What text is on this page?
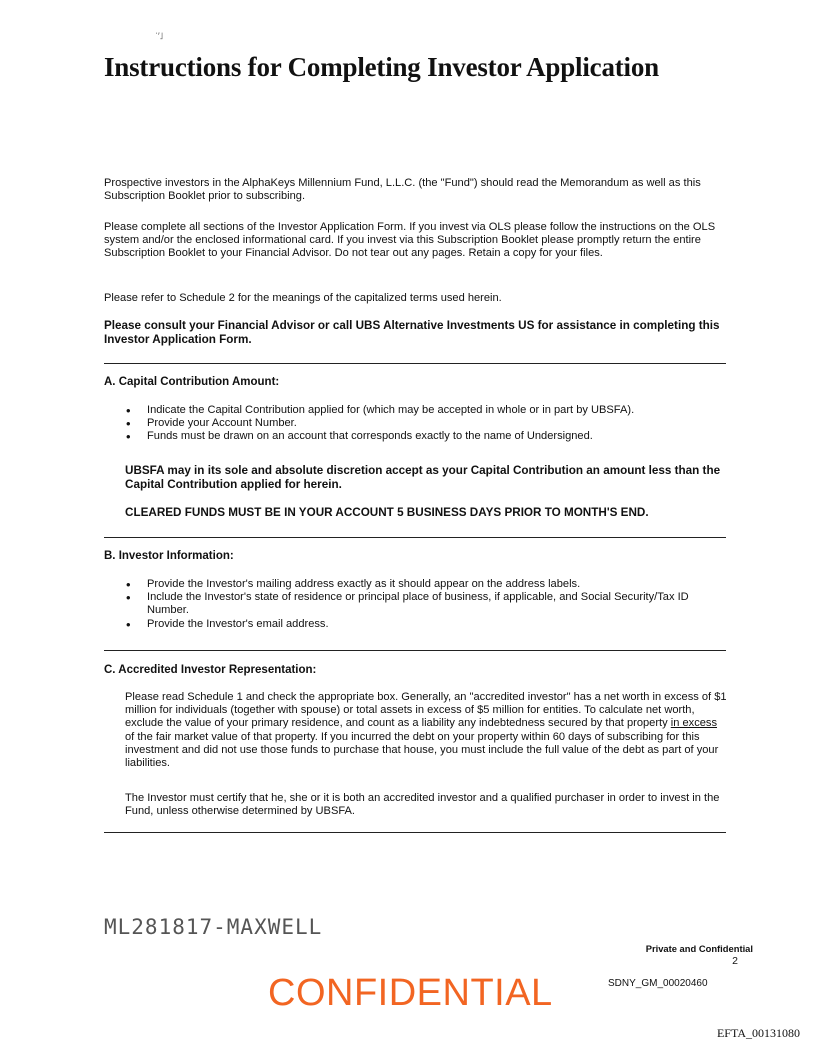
ˈ′˩
Instructions for Completing Investor Application

Prospective investors in the AlphaKeys Millennium Fund, L.L.C. (the "Fund") should read the Memorandum as well as this Subscription Booklet prior to subscribing.

Please complete all sections of the Investor Application Form. If you invest via OLS please follow the instructions on the OLS system and/or the enclosed informational card. If you invest via this Subscription Booklet please promptly return the entire Subscription Booklet to your Financial Advisor. Do not tear out any pages. Retain a copy for your files.

Please refer to Schedule 2 for the meanings of the capitalized terms used herein.

Please consult your Financial Advisor or call UBS Alternative Investments US for assistance in completing this Investor Application Form.

A. Capital Contribution Amount:
• Indicate the Capital Contribution applied for (which may be accepted in whole or in part by UBSFA).
• Provide your Account Number.
• Funds must be drawn on an account that corresponds exactly to the name of Undersigned.

UBSFA may in its sole and absolute discretion accept as your Capital Contribution an amount less than the Capital Contribution applied for herein.

CLEARED FUNDS MUST BE IN YOUR ACCOUNT 5 BUSINESS DAYS PRIOR TO MONTH'S END.

B. Investor Information:
• Provide the Investor's mailing address exactly as it should appear on the address labels.
• Include the Investor's state of residence or principal place of business, if applicable, and Social Security/Tax ID Number.
• Provide the Investor's email address.
C. Accredited Investor Representation:

Please read Schedule 1 and check the appropriate box. Generally, an "accredited investor" has a net worth in excess of $1 million for individuals (together with spouse) or total assets in excess of $5 million for entities. To calculate net worth, exclude the value of your primary residence, and count as a liability any indebtedness secured by that property in excess of the fair market value of that property. If you incurred the debt on your property within 60 days of subscribing for this investment and did not use those funds to purchase that house, you must include the full value of the debt as part of your liabilities.

The Investor must certify that he, she or it is both an accredited investor and a qualified purchaser in order to invest in the Fund, unless otherwise determined by UBSFA.

ML281817-MAXWELL
Private and Confidential
2
SDNY_GM_00020460
CONFIDENTIAL
EFTA_00131080
